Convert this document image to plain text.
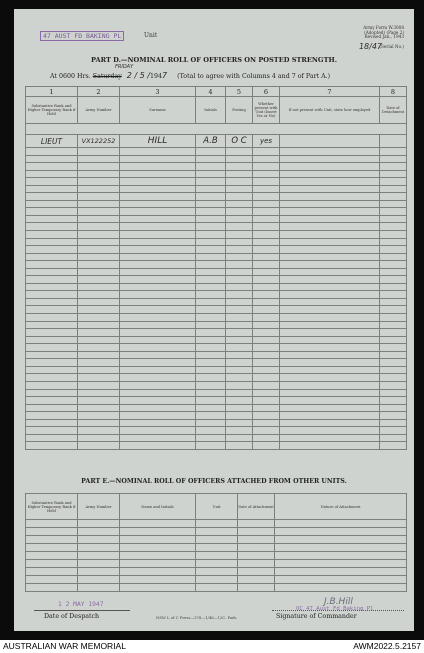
47 AUST FD BAKING PL	Unit
Army Form W.3008
(Adopted) (Page 2)
Revised Jan., 1943
18/47
(Serial No.)
PART D.—NOMINAL ROLL OF OFFICERS ON POSTED STRENGTH.
FRIDAY
At 0600 Hrs. Saturday 2 / 5 /1947 (Total to agree with Columns 4 and 7 of Part A.)
1	2	3	4	5	6	7	8
Substantive Rank and Higher Temporary Rank if Held	Army Number	Surname	Initials	Posting	Whether present with Unit (Insert Yes or No)	If not present with Unit, state how employed	Date of Detachment

LIEUT	VX122252	HILL	A.B	O C	yes		

PART E.—NOMINAL ROLL OF OFFICERS ATTACHED FROM OTHER UNITS.
Substantive Rank and Higher Temporary Rank if Held	Army Number	Name and Initials	Unit	Date of Attachment	Nature of Attachment

1 2 MAY 1947
Date of Despatch	NSW L of C Press—378—1/46—12C. Pads
J.B.Hill
OC 47 Aust Fd Baking Pl
Signature of Commander
AUSTRALIAN WAR MEMORIAL	AWM2022.5.2157
